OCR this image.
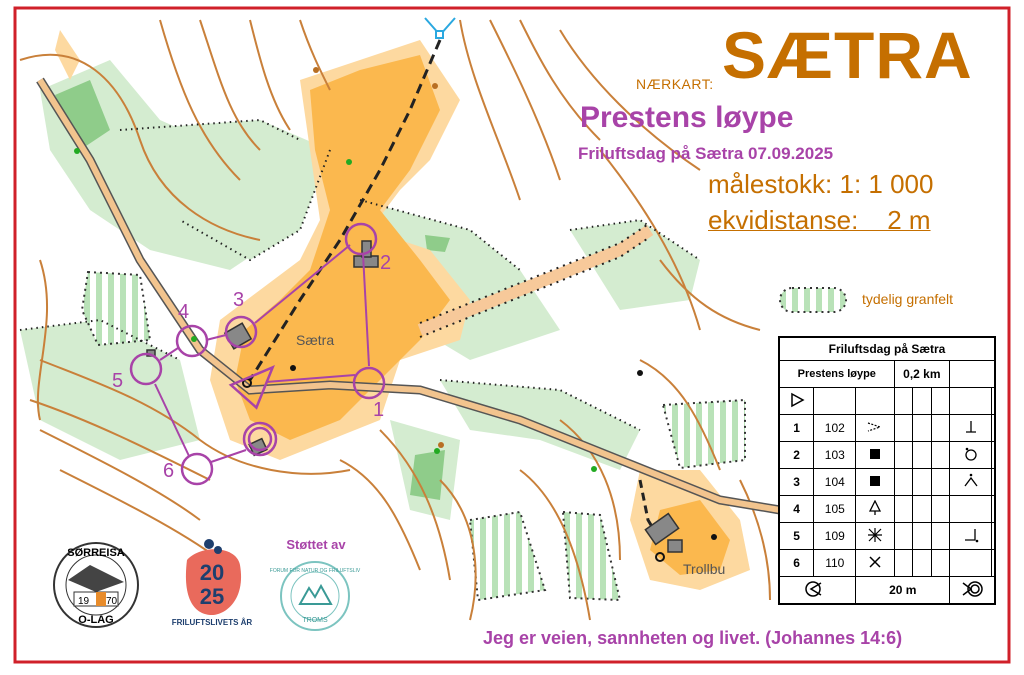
1
2
3
4
5
6
Sætra
Trollbu
19 70
SØRREISA
O-LAG
20
25
FRILUFTSLIVETS ÅR
Støttet av
FORUM FOR NATUR OG FRILUFTSLIV
TROMS
NÆRKART: SÆTRA
Prestens løype
Friluftsdag på Sætra 07.09.2025
målestokk: 1: 1 000
ekvidistanse:    2 m
tydelig granfelt
Jeg er veien, sannheten og livet. (Johannes 14:6)
Friluftsdag på Sætra							
Prestens løype			0,2 km				

1	102						
2	103						
3	104						
4	105						
5	109						
6	110						
	20 m	
